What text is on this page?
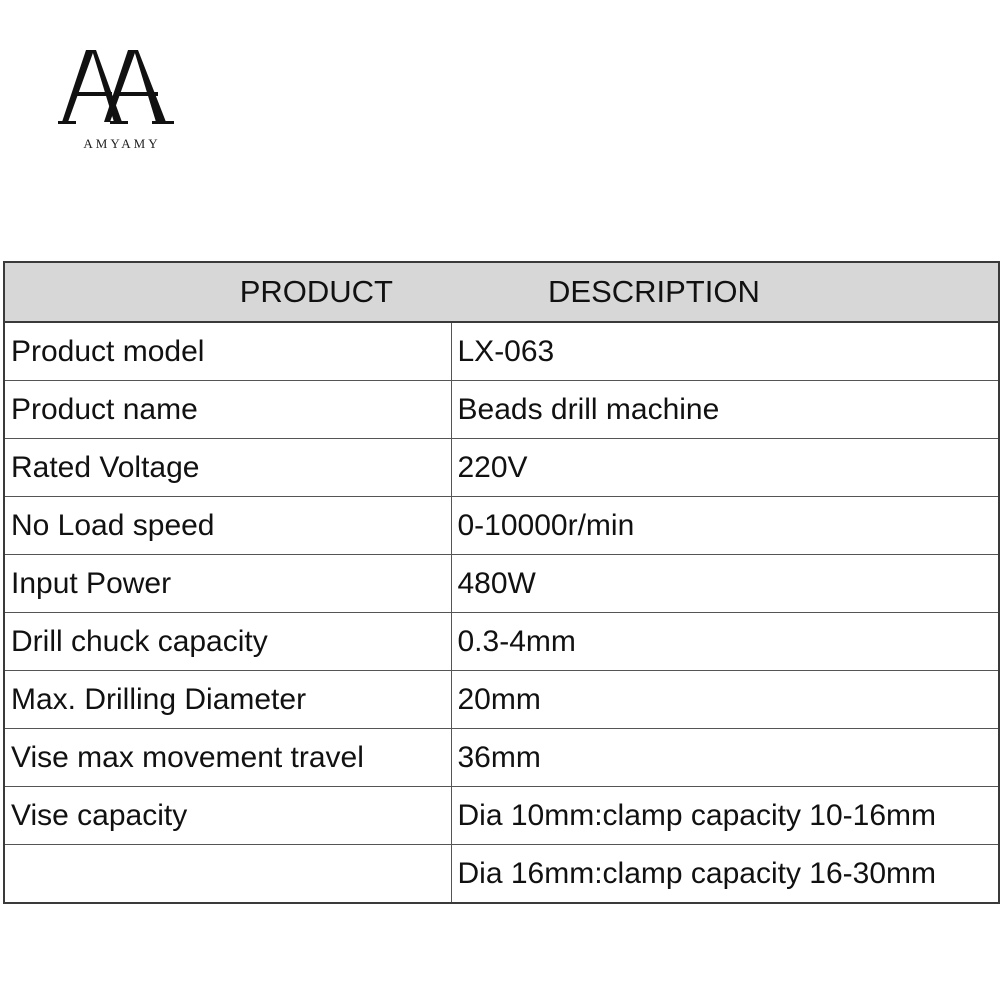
AMYAMY
PRODUCT	DESCRIPTION
Product model	LX-063
Product name	Beads drill machine
Rated Voltage	220V
No Load speed	0-10000r/min
Input Power	480W
Drill chuck capacity	0.3-4mm
Max. Drilling Diameter	20mm
Vise max movement travel	36mm
Vise capacity	Dia 10mm:clamp capacity 10-16mm
	Dia 16mm:clamp capacity 16-30mm
